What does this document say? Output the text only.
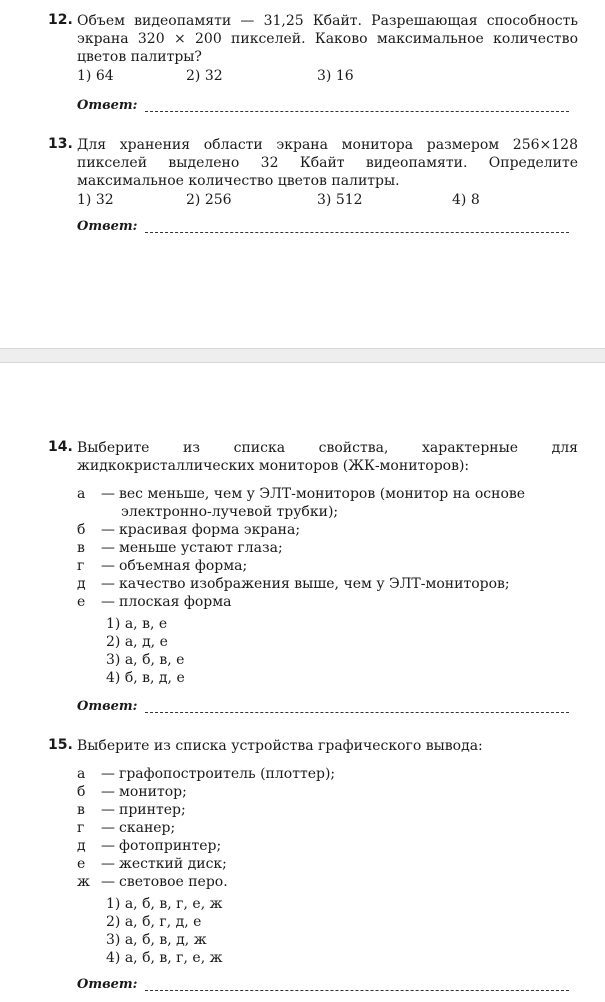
12. Объем видеопамяти — 31,25 Кбайт. Разрешающая способность экрана 320 × 200 пикселей. Каково максимальное количество цветов палитры?
1) 64	2) 32	3) 16
Ответ:
13. Для хранения области экрана монитора размером 256×128 пикселей выделено 32 Кбайт видеопамяти. Определите максимальное количество цветов палитры.
1) 32	2) 256	3) 512	4) 8
Ответ:
14. Выберите из списка свойства, характерные для жидкокристаллических мониторов (ЖК-мониторов):
а	— вес меньше, чем у ЭЛТ-мониторов (монитор на основе
электронно-лучевой трубки);
б	— красивая форма экрана;
в	— меньше устают глаза;
г	— объемная форма;
д	— качество изображения выше, чем у ЭЛТ-мониторов;
е	— плоская форма
1) а, в, е
2) а, д, е
3) а, б, в, е
4) б, в, д, е
Ответ:
15. Выберите из списка устройства графического вывода:
а	— графопостроитель (плоттер);
б	— монитор;
в	— принтер;
г	— сканер;
д	— фотопринтер;
е	— жесткий диск;
ж — световое перо.
1) а, б, в, г, е, ж
2) а, б, г, д, е
3) а, б, в, д, ж
4) а, б, в, г, е, ж
Ответ:
